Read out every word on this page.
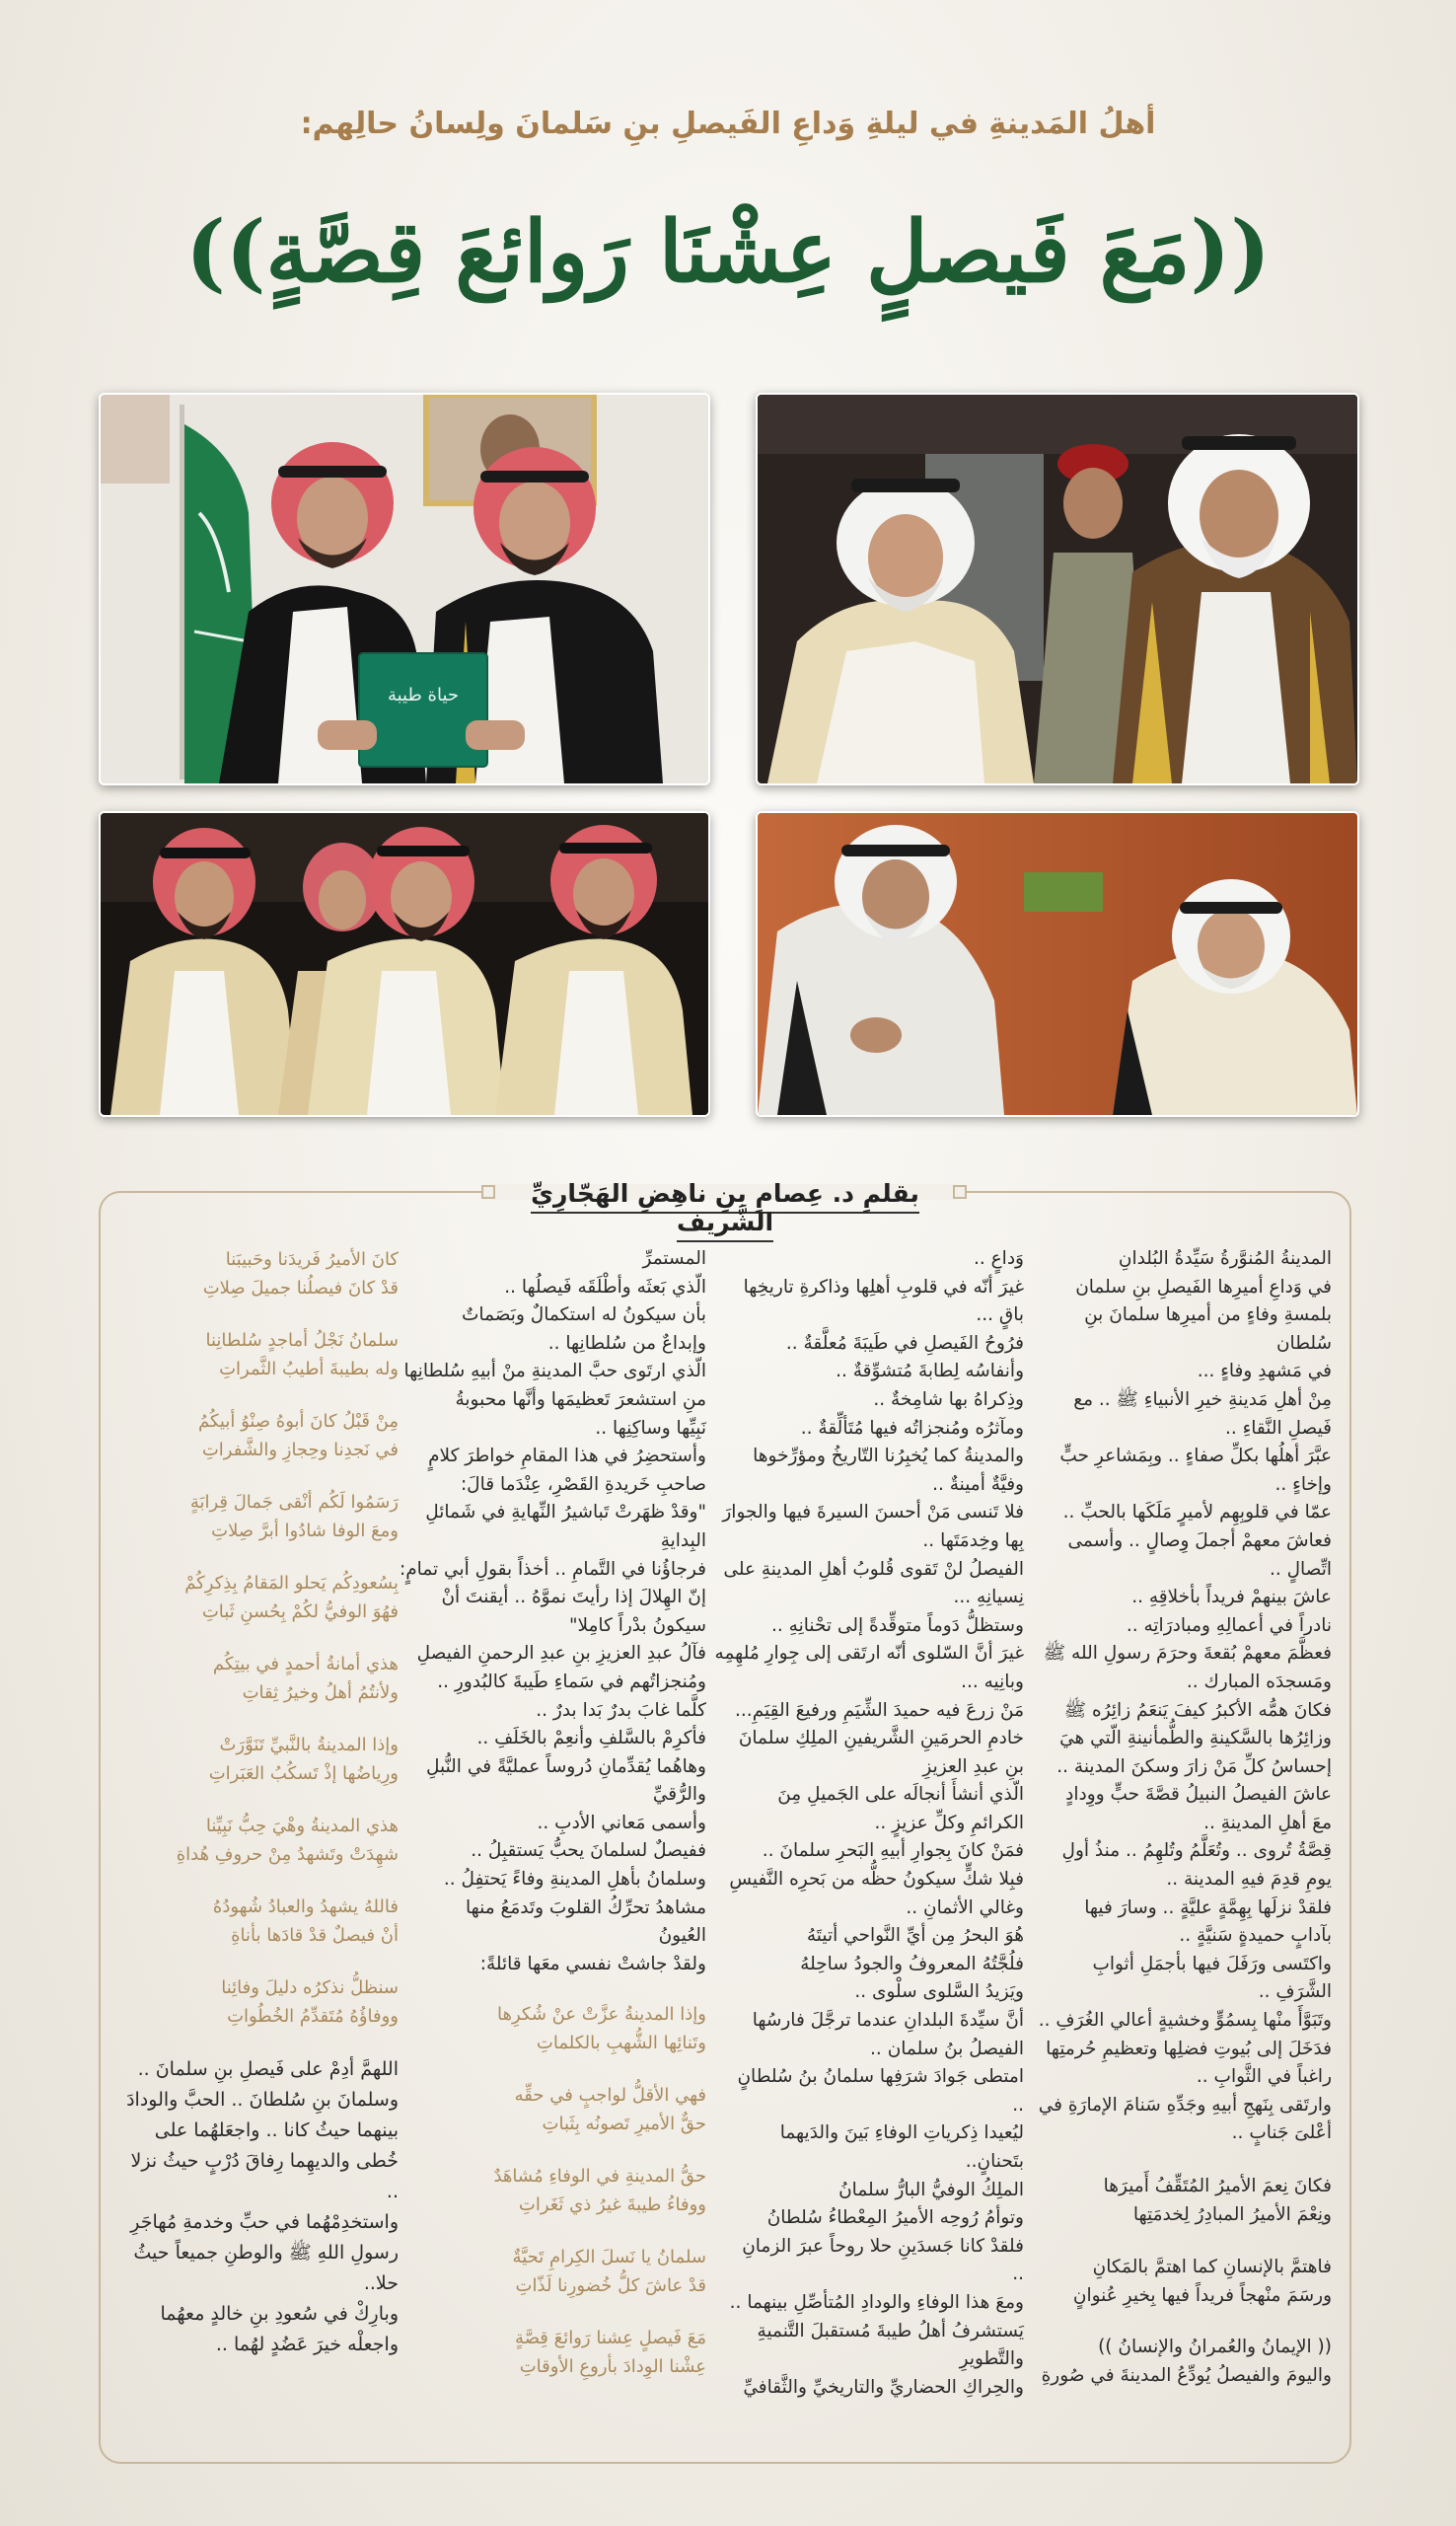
أهلُ المَدينةِ في ليلةِ وَداعِ الفَيصلِ بنِ سَلمانَ ولِسانُ حالِهم:
((مَعَ فَيصلٍ عِشْنَا رَوائعَ قِصَّةٍ))
حياة طيبة
بقلمِ د. عِصامِ بنِ ناهِضِ الهَجّارِيِّ الشَّريف

المدينةُ المُنوَّرةُ سَيِّدةُ البُلدانِ

في وَداعِ أميرِها الفَيصلِ بنِ سلمان

بلمسةِ وفاءٍ من أميرِها سلمانَ بنِ

سُلطان

في مَشهدِ وفاءٍ ...

مِنْ أهلِ مَدينةِ خيرِ الأنبياءِ ﷺ .. مع

فَيصلِ النَّقاءِ ..

عبَّرَ أهلُها بكلِّ صفاءٍ .. وبِمَشاعرِ حبٍّ

وإخاءٍ ..

عمّا في قلوبِهِم لأميرٍ مَلَكَها بالحبِّ ..

فعاشَ معهمْ أجملَ وِصالٍ .. وأسمى

اتِّصالٍ ..

عاشَ بينهمْ فريداً بأخلاقِهِ ..

نادراً في أعمالِهِ ومبادرَاتِه ..

فعظَّمَ معهمْ بُقعةَ وحرَمَ رسولِ الله ﷺ

ومَسجدَه المبارك ..

فكانَ همُّه الأكبرُ كيفَ يَنعَمُ زائِرُه ﷺ

وزائِرُها بالسَّكينةِ والطُّمأنينةِ الّتي هيَ

إحساسُ كلِّ مَنْ زارَ وسكنَ المدينة ..

عاشَ الفيصلُ النبيلُ قصَّةَ حبٍّ ووِدادٍ

معَ أهلِ المدينةِ ..

قِصَّةُ تُروى .. وتُعَلَّمُ وتُلهِمُ .. منذُ أولِ

يومِ قدِمَ فيهِ المدينة ..

فلقدْ نزلَها بِهِمَّةٍ عليَّةٍ .. وسارَ فيها

بآدابٍ حميدةٍ سَنيَّةٍ ..

واكتَسى ورَفَلَ فيها بأجمَلِ أثوابِ

الشَّرَفِ ..

وتَبَوَّأَ منْها بِسمُوٍّ وخشيةٍ أعالي الغُرَفِ ..

فدَخَلَ إلى بُيوتِ فضلِها وتعظيمِ حُرمتِها

راغباً في الثَّوابِ ..

وارتَقى بِنَهجِ أبيهِ وجَدِّهِ سَنامَ الإمارَةِ في

أعْلىَ جَنابٍ ..

فكانَ نِعمَ الأميرُ المُتَقِّفُ أَميرَها

ونِعْمَ الأميرُ المبادِرُ لِخدمَتِها

فاهتمَّ بالإنسانِ كما اهتمَّ بالمَكانِ

ورسَمَ منْهجاً فريداً فيها بِخيرِ عُنوانٍ

(( الإيمانُ والعُمرانُ والإنسانُ ))

واليومَ والفيصلُ يُودِّعُ المدينةَ في صُورةِ

وَداعٍ ..

غيرَ أنّه في قلوبِ أهلِها وذاكرةِ تاريخِها

باقٍ ...

فرُوحُ الفَيصلِ في طَيبَةَ مُعلَّقةٌ ..

وأنفاسُه لِطابةَ مُتشوِّقةٌ ..

وذِكراهُ بها شامِخةٌ ..

ومآثرُه ومُنجزاتُه فيها مُتَألِّقةٌ ..

والمدينةُ كما يُخبِرُنا التّاريخُ ومؤرِّخوها

وفيَّةٌ أمينةٌ ..

فلا تَنسى مَنْ أحسنَ السيرةَ فيها والجوارَ

بِها وخِدمَتَها ..

الفيصلُ لنْ تَقوى قُلوبُ أهلِ المدينةِ على

نِسيانِهِ ...

وستظلُّ دَوماً متوقِّدةً إلى تحْنانِهِ ..

غيرَ أنَّ السّلوى أنّه ارتَقى إلى جِوارِ مُلهِمِه

وبانِيه ...

مَنْ زرعَ فيه حميدَ الشِّيَمِ ورفيعَ القِيَمِ...

خادمِ الحرمَينِ الشَّريفينِ الملِكِ سلمانَ

بنِ عبدِ العزيزِ

الّذي أنشأَ أنجالَه على الجَميلِ مِنَ

الكرائمِ وكلِّ عزيزٍ ..

فمَنْ كانَ بِجوارِ أبيهِ البَحرِ سلمانَ ..

فبِلا شكٍّ سيكونُ حظُّه من بَحرِه النَّفيسِ

وغالي الأثمانِ ..

هُوَ البحرُ مِن أيِّ النَّواحي أتيتَهُ

فلُجَّتُهُ المعروفُ والجودُ ساحِلهُ

ويَزيدُ السَّلوى سلْوى ..

أنَّ سيِّدةَ البلدانِ عندما ترجَّلَ فارسُها

الفيصلُ بنُ سلمان ..

امتطى جَوادَ شرَفِها سلمانُ بنُ سُلطانٍ

..

ليُعيدا ذِكرياتِ الوفاءِ بَينَ والدَيهما

بتَحنانٍ..

الملِكُ الوفيُّ البارُّ سلمانُ

وتوأمُ رُوحِه الأميرُ المِعْطاءُ سُلطانُ

فلقدْ كانا جَسدَينِ حلا روحاً عبرَ الزمانِ

..

ومعَ هذا الوفاءِ والودادِ المُتأصِّلِ بينهما ..

يَستشرفُ أهلُ طيبةَ مُستقبلَ التَّنميةِ

والتَّطويرِ

والحِراكِ الحضاريِّ والتاريخيِّ والثَّقافيِّ

المستمرِّ

الّذي بَعثَه وأطْلَقَه فَيصلُها ..

بأن سيكونُ له استكمالٌ وبَصَماتٌ

وإبداعٌ من سُلطانِها ..

الّذي ارتَوى حبَّ المدينةِ منْ أبيهِ سُلطانِها

منِ استشعرَ تَعظيمَها وأنَّها محبوبةُ

نَبِيِّها وساكِنِها ..

وأستحضِرُ في هذا المقامِ خواطرَ كلامٍ

صاحبِ خَريدةِ القَصْرِ، عِنْدَما قالَ:

"وقدْ ظهَرتْ تَباشيرُ النِّهايةِ في شَمائلِ

البِدايةِ

فرجاؤُنا في التَّمامِ .. أخذاً بقولِ أبي تمامٍ:

إنّ الهِلالَ إذا رأيتَ نموَّهُ .. أيقنتَ أنْ

سيكونُ بدْراً كامِلا"

فآلُ عبدِ العزيزِ بنِ عبدِ الرحمنِ الفيصلِ

ومُنجزاتُهم في سَماءِ طَيبةَ كالبُدورِ ..

كلَّما غابَ بدرٌ بَدا بدرٌ ..

فأكرِمْ بالسَّلفِ وأنعِمْ بالخَلَفِ ..

وهاهُما يُقدِّمانِ دُروساً عمليَّةً في النُّبلِ

والرُّقيِّ

وأسمى مَعاني الأدبِ ..

ففيصلٌ لسلمانَ يحبُّ يَستقبِلُ ..

وسلمانُ بأهلِ المدينةِ وفاءً يَحتفِلُ ..

مشاهدُ تحرِّكُ القلوبَ وتَدمَعُ منها

العُيونُ

ولقدْ جاشتْ نفسي معَها قائلةً:

وإذا المدينةُ عزَّتْ عنْ شُكرِها

وتَنائِها الشُّهبِ بالكلماتِ

فهي الأقلُّ لواجبٍ في حقِّه

حقٌّ الأميرِ تَصونُه بِثَباتِ

حقُّ المدينةِ في الوفاءِ مُشاهَدٌ

ووفاءُ طيبةَ غيرُ ذي ثَغَراتِ

سلمانُ يا نَسلَ الكِرامِ تَحيَّةٌ

قدْ عاشَ كلُّ خُضورِنا لَذّاتِ

مَعَ فَيصلٍ عِشنا رَوائعَ قِصَّةٍ

عِشْنا الوِدادَ بأروعِ الأوقاتِ

كانَ الأميرُ فَريدَنا وحَبيبَنا

قدْ كانَ فيصلُنا جميلَ صِلاتِ

سلمانُ نَجْلُ أماجدٍ سُلطانِنا

وله بطيبةَ أطيبُ الثَّمراتِ

مِنْ قَبْلُ كانَ أبوهُ صِنْوُ أبيكُمُ

في نَجدِنا وحِجازِ والشَّفراتِ

رَسَمُوا لَكُم أنْقى جَمالَ قِرابَةٍ

ومعَ الوفا شادُوا أبرَّ صِلاتِ

بِسُعودِكُم يَحلو المَقامُ بِذِكرِكُمْ

فهُوَ الوفيُّ لكُمْ بِحُسنِ ثَباتِ

هذي أمانةُ أحمدٍ في بيتِكُم

ولأنتُمُ أهلُ وخيرُ ثِقاتِ

وإذا المدينةُ بالنَّبيِّ تَنَوَّرَتْ

ورِياضُها إذْ تَسكُبُ العَبَراتِ

هذي المدينةُ وهْيَ حِبُّ نَبِيِّنا

شهِدَتْ وتَشهدُ مِنْ حروفِ هُداةِ

فاللهُ يشهدُ والعبادُ شُهودُهُ

أنْ فيصلٌ قدْ قادَها بأناةِ

سنظلُّ نذكرُه دليلَ وفائِنا

ووفاؤُهُ مُتَقدِّمُ الخُطُواتِ

اللهمَّ أدِمْ على فَيصلِ بنِ سلمانَ ..

وسلمانَ بنِ سُلطانَ .. الحبَّ والودادَ

بينهما حيثُ كانا .. واجعَلهُما على

خُطى والديهِما رِفاقَ دُرْبٍ حيثُ نزلا

..

واستخدِمْهُما في حبِّ وخدمةِ مُهاجَرِ

رسولِ اللهِ ﷺ والوطنِ جميعاً حيثُ

حلا..

وبارِكْ في سُعودِ بنِ خالدٍ معهُما

واجعلْه خيرَ عَضُدٍ لهُما ..
